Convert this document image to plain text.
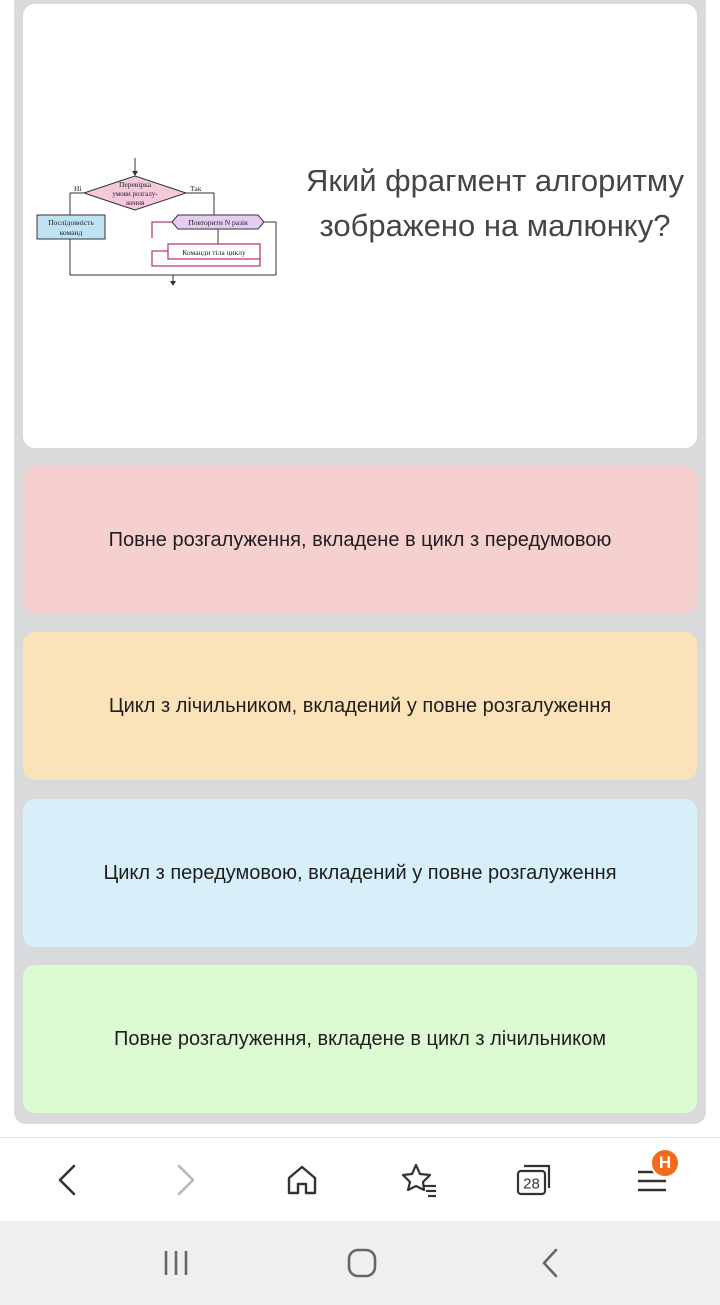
Перевірка
умови розгалу-
ження
Ні
Послідовність
команд
Так
Повторити N разів
Команди тіла циклу
Який фрагмент алгоритму зображено на малюнку?
Повне розгалуження, вкладене в цикл з передумовою
Цикл з лічильником, вкладений у повне розгалуження
Цикл з передумовою, вкладений у повне розгалуження
Повне розгалуження, вкладене в цикл з лічильником
28
Н
